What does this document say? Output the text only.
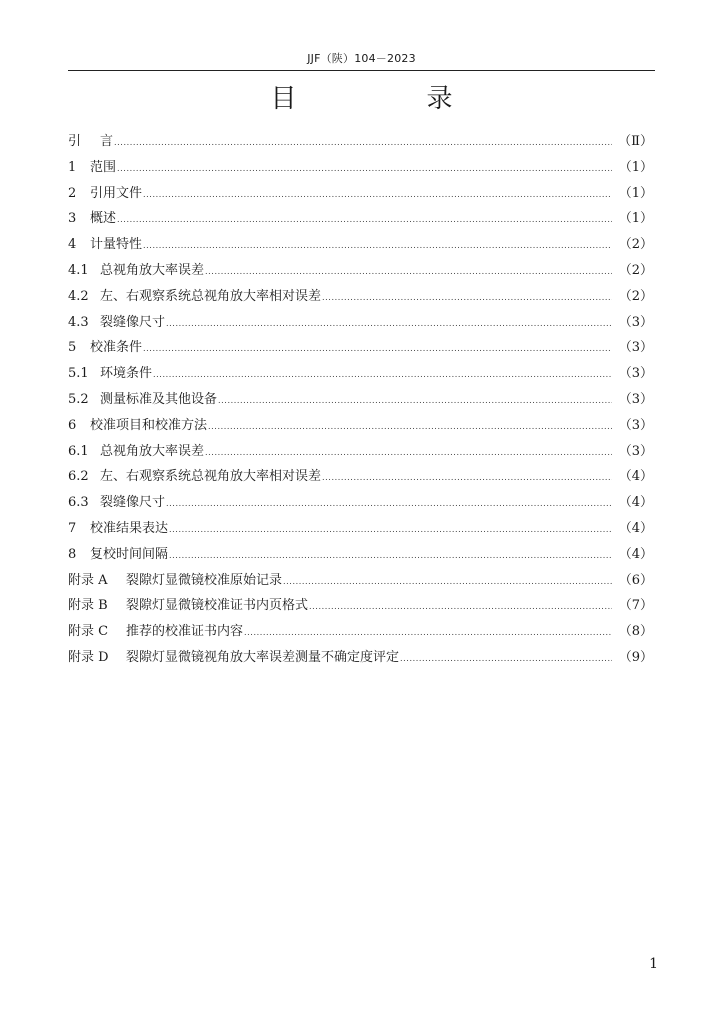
JJF（陕）104－2023
目　录
引	言 .....	（Ⅱ）
1	范围 .....	（1）
2	引用文件 .....	（1）
3	概述 .....	（1）
4	计量特性 .....	（2）
4.1 总视角放大率误差 .....	（2）
4.2 左、右观察系统总视角放大率相对误差 .....	（2）
4.3 裂缝像尺寸 .....	（3）
5	校准条件 .....	（3）
5.1 环境条件 .....	（3）
5.2 测量标准及其他设备 .....	（3）
6	校准项目和校准方法 .....	（3）
6.1 总视角放大率误差 .....	（3）
6.2 左、右观察系统总视角放大率相对误差 .....	（4）
6.3 裂缝像尺寸 .....	（4）
7	校准结果表达 .....	（4）
8	复校时间间隔 .....	（4）
附录 A	裂隙灯显微镜校准原始记录 .....	（6）
附录 B	裂隙灯显微镜校准证书内页格式 .....	（7）
附录 C	推荐的校准证书内容 .....	（8）
附录 D	裂隙灯显微镜视角放大率误差测量不确定度评定 .....	（9）
1
